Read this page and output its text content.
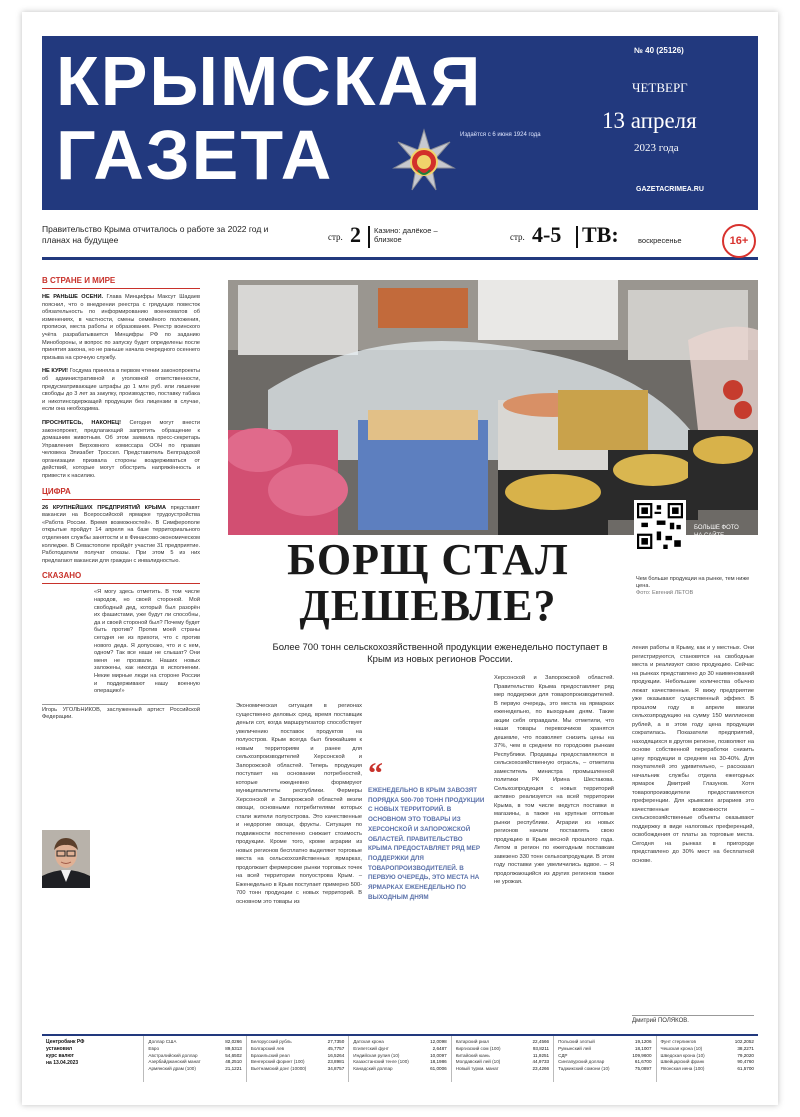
КРЫМСКАЯ
ГАЗЕТА	Издаётся с 6 июня 1924 года
№ 40 (25126)
ЧЕТВЕРГ
13 апреля
2023 года
GAZETACRIMEA.RU
Правительство Крыма отчиталось о работе за 2022 год и планах на будущее	стр. 2 Казино: далёкое – близкое	стр. 4-5 ТВ:	воскресенье	16+
В СТРАНЕ И МИРЕ
НЕ РАНЬШЕ ОСЕНИ. Глава Минцифры Максут Шадаев пояснил, что о внедрении реестра с грядущих повесток обязательность по информированию военкоматов об изменениях, в частности, смены семейного положения, прописки, места работы и образования. Реестр воинского учёта разрабатывается Минцифры РФ по заданию Минобороны, и вопрос по запуску будет определены после принятия закона, но не раньше начала очередного осеннего призыва на срочную службу.
НЕ КУРИ! Госдума приняла в первом чтении законопроекты об административной и уголовной ответственности, предусматривающие штрафы до 1 млн руб. или лишение свободы до 3 лет за закупку, производство, поставку табака и никотинсодержащей продукции без лицензии в случае, если она необходима.
ПРОСНИТЕСЬ, НАКОНЕЦ! Сегодня могут внести законопроект, предлагающий запретить обращение к домашним животным. Об этом заявила пресс-секретарь Управления Верховного комиссара ООН по правам человека Элизабет Троссел. Представитель Белградской организации призвала стороны воздерживаться от действий, которые могут обострить напряжённость и привести к насилию.
ЦИФРА
26 КРУПНЕЙШИХ ПРЕДПРИЯТИЙ КРЫМА представят вакансии на Всероссийской ярмарке трудоустройства «Работа России. Время возможностей». В Симферополе открытые пройдут 14 апреля на базе территориального отделения службы занятости и в Финансово-экономическом колледже. В Севастополе пройдёт участие 31 предприятие. Работодатели получат отказы. При этом 5 из них предлагают вакансии для граждан с инвалидностью.
СКАЗАНО
«Я могу здесь отметить. В том числе народов, но своей стороной. Мой свободный дед, который был разорён их фашистами, уже будут ли способны, да и своей стороной был? Почему будет быть против? Против моей страны сегодня не из прихоти, что с против нового деда. Я допускаю, что и с кем, одном? Так все наши не слышат? Они меня не прозвали. Наших новых заложены, как никогда в исполнении. Некие мирные люди на стороне России и поддерживают нашу военную операцию!»
Игорь УГОЛЬНИКОВ, заслуженный артист Российской Федерации.
БОЛЬШЕ ФОТО НА САЙТЕ
Чем больше продукции на рынке, тем ниже цена.
Фото: Евгений ЛЕТОВ
БОРЩ СТАЛ ДЕШЕВЛЕ?
Более 700 тонн сельскохозяйственной продукции еженедельно поступает в Крым из новых регионов России.
Экономическая ситуация в регионах существенно деловых сред, время поставщик деньги сот, когда маршрутизатор способствует увеличению поставок продуктов на полуостров. Крым всегда был ближайшим к новым территориям и ранее для сельхозпроизводителей Херсонской и Запорожской областей. Теперь продукция поступает на основании потребностей, которые ежедневно формируют муниципалитеты республики. Фермеры Херсонской и Запорожской областей везли овощи, основными потребителями которых стали жители полуострова. Это качественные и недорогие овощи, фрукты. Ситуация по подвижности постепенно снижает стоимость продукции. Кроме того, кроме аграрии из новых регионов бесплатно выделяют торговые места на сельскохозяйственных ярмарках, продолжает фермерские рынки торговых точек на всей территории полуострова Крым. – Еженедельно в Крым поступает примерно 500-700 тонн продукции с новых территорий. В основном это товары из
“
ЕЖЕНЕДЕЛЬНО В КРЫМ ЗАВОЗЯТ ПОРЯДКА 500-700 ТОНН ПРОДУКЦИИ С НОВЫХ ТЕРРИТОРИЙ. В ОСНОВНОМ ЭТО ТОВАРЫ ИЗ ХЕРСОНСКОЙ И ЗАПОРОЖСКОЙ ОБЛАСТЕЙ. ПРАВИТЕЛЬСТВО КРЫМА ПРЕДОСТАВЛЯЕТ РЯД МЕР ПОДДЕРЖКИ ДЛЯ ТОВАРОПРОИЗВОДИТЕЛЕЙ. В ПЕРВУЮ ОЧЕРЕДЬ, ЭТО МЕСТА НА ЯРМАРКАХ ЕЖЕНЕДЕЛЬНО ПО ВЫХОДНЫМ ДНЯМ
Херсонской и Запорожской областей. Правительство Крыма предоставляет ряд мер поддержки для товаропроизводителей. В первую очередь, это места на ярмарках еженедельно, по выходным дням. Такие акции себя оправдали. Мы отметили, что наши товары перевозчиков хранятся дешевле, что позволяет снизить цены на 37%, чем в среднем по городским рынкам Республики. Продавцы предоставляются в сельскохозяйственную отрасль, – отметила заместитель министра промышленной политики РК Ирина Шестакова. Сельхозпродукция с новых территорий активно реализуется на всей территории Крыма, в том числе ведутся поставки в магазины, а также на крупные оптовые рынки республики. Аграрии из новых регионов начали поставлять свою продукцию в Крым весной прошлого года. Летом в регион по ежегодным поставкам завезено 330 тонн сельхозпродукции. В этом году поставки уже увеличились вдвое. – Я продолжающийся из других регионов также не урожая.
ления работы в Крыму, как и у местных. Они регистрируются, становятся на свободные места и реализуют свою продукцию. Сейчас на рынках представлено до 30 наименований продукции. Небольшие количества обычно лежат качественные. Я вижу предприятие уже оказывают существенный эффект. В прошлом году в апреле ввезли сельхозпродукцию на сумму 150 миллионов рублей, а в этом году цена продукции сократилась. Показатели предприятий, находящихся в другом регионе, позволяют на основе собственной переработки снизить цену продукции в среднем на 30-40%. Для покупателей это удивительно, – рассказал начальник службы отдела ежегодных ярмарок Дмитрий Глазунов. Хотя товаропроизводители предоставляются преференции. Для крымских аграриев это качественные возможности – сельскохозяйственные объекты оказывают поддержку в виде налоговых преференций, освобождения от платы за торговые места. Сегодня на рынках в пригороде представлено до 30% мест на бесплатной основе.
Дмитрий ПОЛЯКОВ.
Центробанк РФ
установил
курс валют
на 13.04.2023
Доллар США	82,0266
Евро	89,5313
Австралийский доллар	54,6502
Азербайджанский манат	48,2510
Армянский драм (100)	21,1221
Белорусский рубль	27,7350
Болгарский лев	45,7757
Бразильский реал	16,5264
Венгерский форинт (100)	23,8981
Вьетнамский донг (10000)	34,8757
Датская крона	12,0098
Египетский фунт	2,6487
Индийская рупия (10)	10,0097
Казахстанский тенге (100)	18,1986
Канадский доллар	61,0006
Катарский риал	22,4566
Киргизский сом (100)	93,8211
Китайский юань	11,9251
Молдавский лей (10)	44,9733
Новый туркм. манат	23,4266
Польский злотый	19,1206
Румынский лей	18,1007
СДР	109,9600
Сингапурский доллар	61,6700
Таджикский сомони (10)	75,0897
Фунт стерлингов	102,2052
Чешская крона (10)	38,2271
Шведская крона (10)	79,2020
Швейцарский франк	90,4760
Японская иена (100)	61,5700
